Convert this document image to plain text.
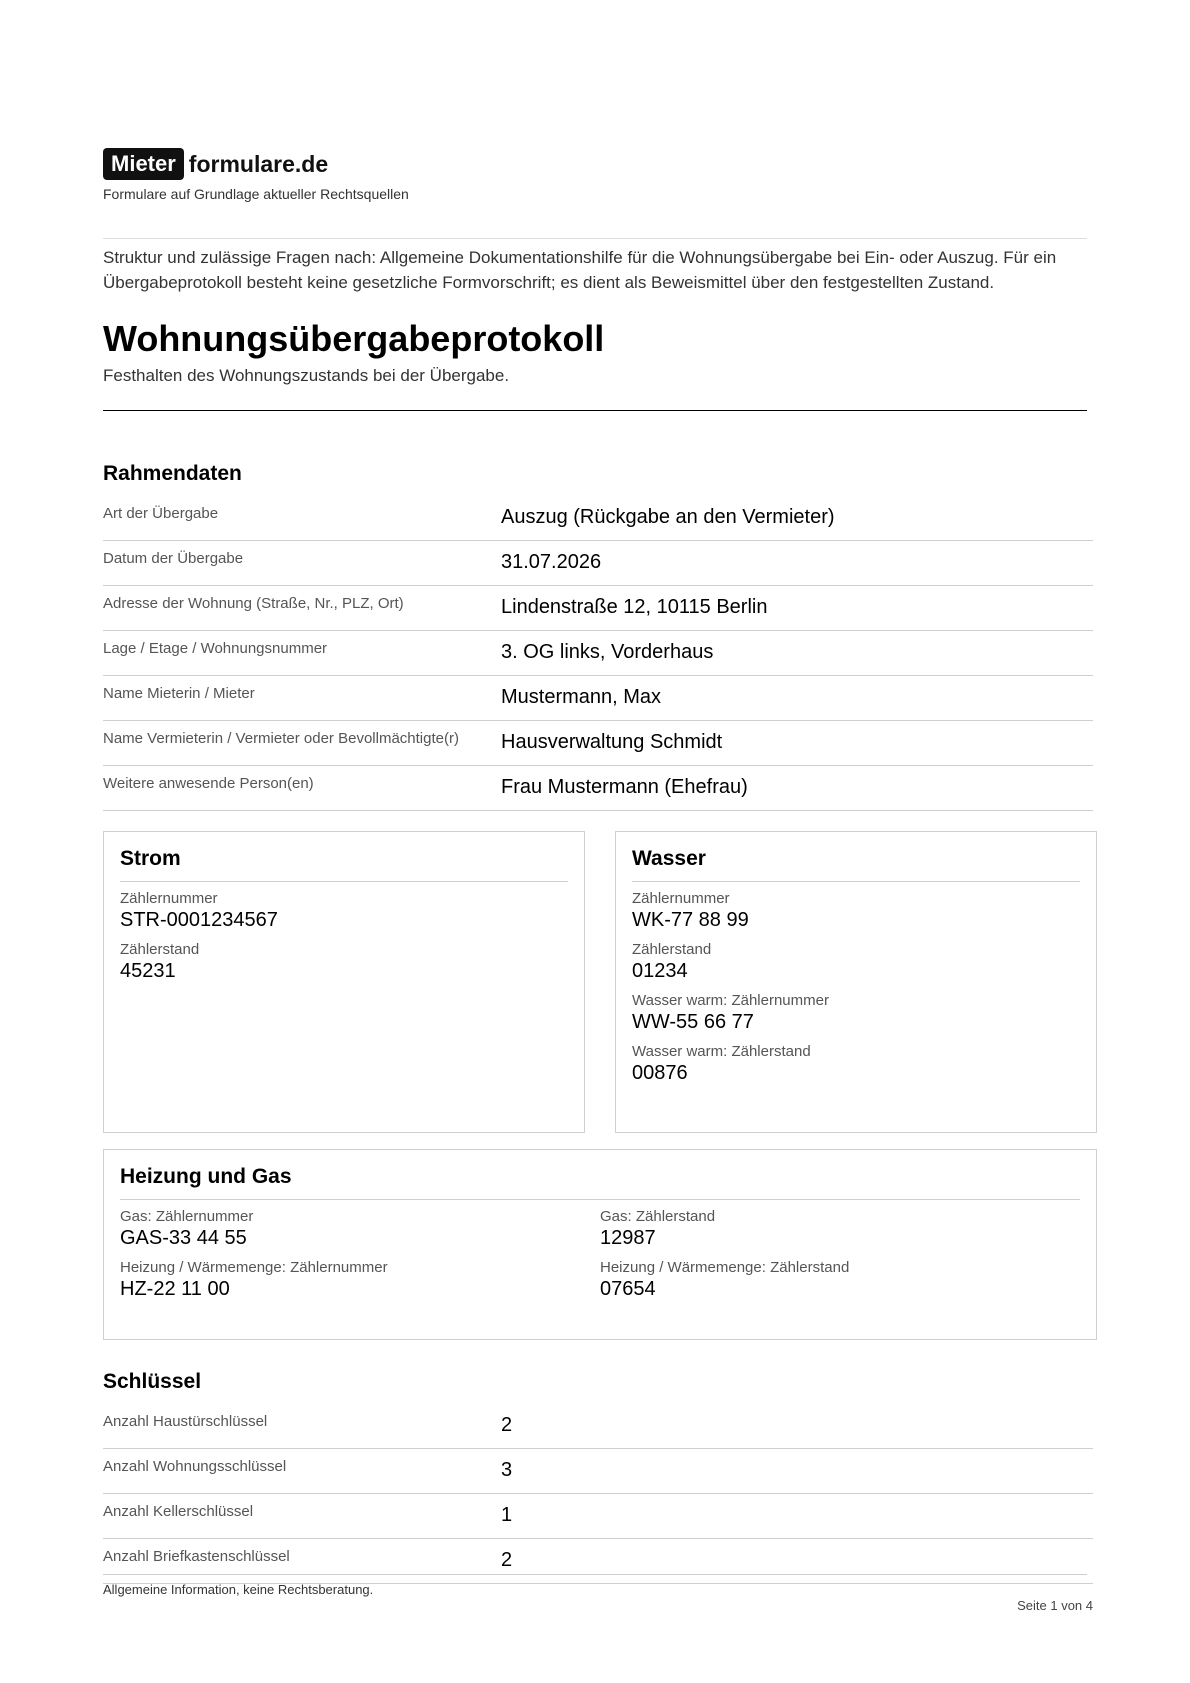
Mieter formulare.de
Formulare auf Grundlage aktueller Rechtsquellen

Struktur und zulässige Fragen nach: Allgemeine Dokumentationshilfe für die Wohnungsübergabe bei Ein- oder Auszug. Für ein Übergabeprotokoll besteht keine gesetzliche Formvorschrift; es dient als Beweismittel über den festgestellten Zustand.

Wohnungsübergabeprotokoll
Festhalten des Wohnungszustands bei der Übergabe.
Rahmendaten
Art der Übergabe	Auszug (Rückgabe an den Vermieter)
Datum der Übergabe	31.07.2026
Adresse der Wohnung (Straße, Nr., PLZ, Ort)	Lindenstraße 12, 10115 Berlin
Lage / Etage / Wohnungsnummer	3. OG links, Vorderhaus
Name Mieterin / Mieter	Mustermann, Max
Name Vermieterin / Vermieter oder Bevollmächtigte(r)	Hausverwaltung Schmidt
Weitere anwesende Person(en)	Frau Mustermann (Ehefrau)
Strom
Zählernummer
STR-0001234567
Zählerstand
45231
Wasser
Zählernummer
WK-77 88 99
Zählerstand
01234
Wasser warm: Zählernummer
WW-55 66 77
Wasser warm: Zählerstand
00876
Heizung und Gas
Gas: Zählernummer
GAS-33 44 55
Heizung / Wärmemenge: Zählernummer
HZ-22 11 00
Gas: Zählerstand
12987
Heizung / Wärmemenge: Zählerstand
07654
Schlüssel
Anzahl Haustürschlüssel	2
Anzahl Wohnungsschlüssel	3
Anzahl Kellerschlüssel	1
Anzahl Briefkastenschlüssel	2
Allgemeine Information, keine Rechtsberatung.
Seite 1 von 4
